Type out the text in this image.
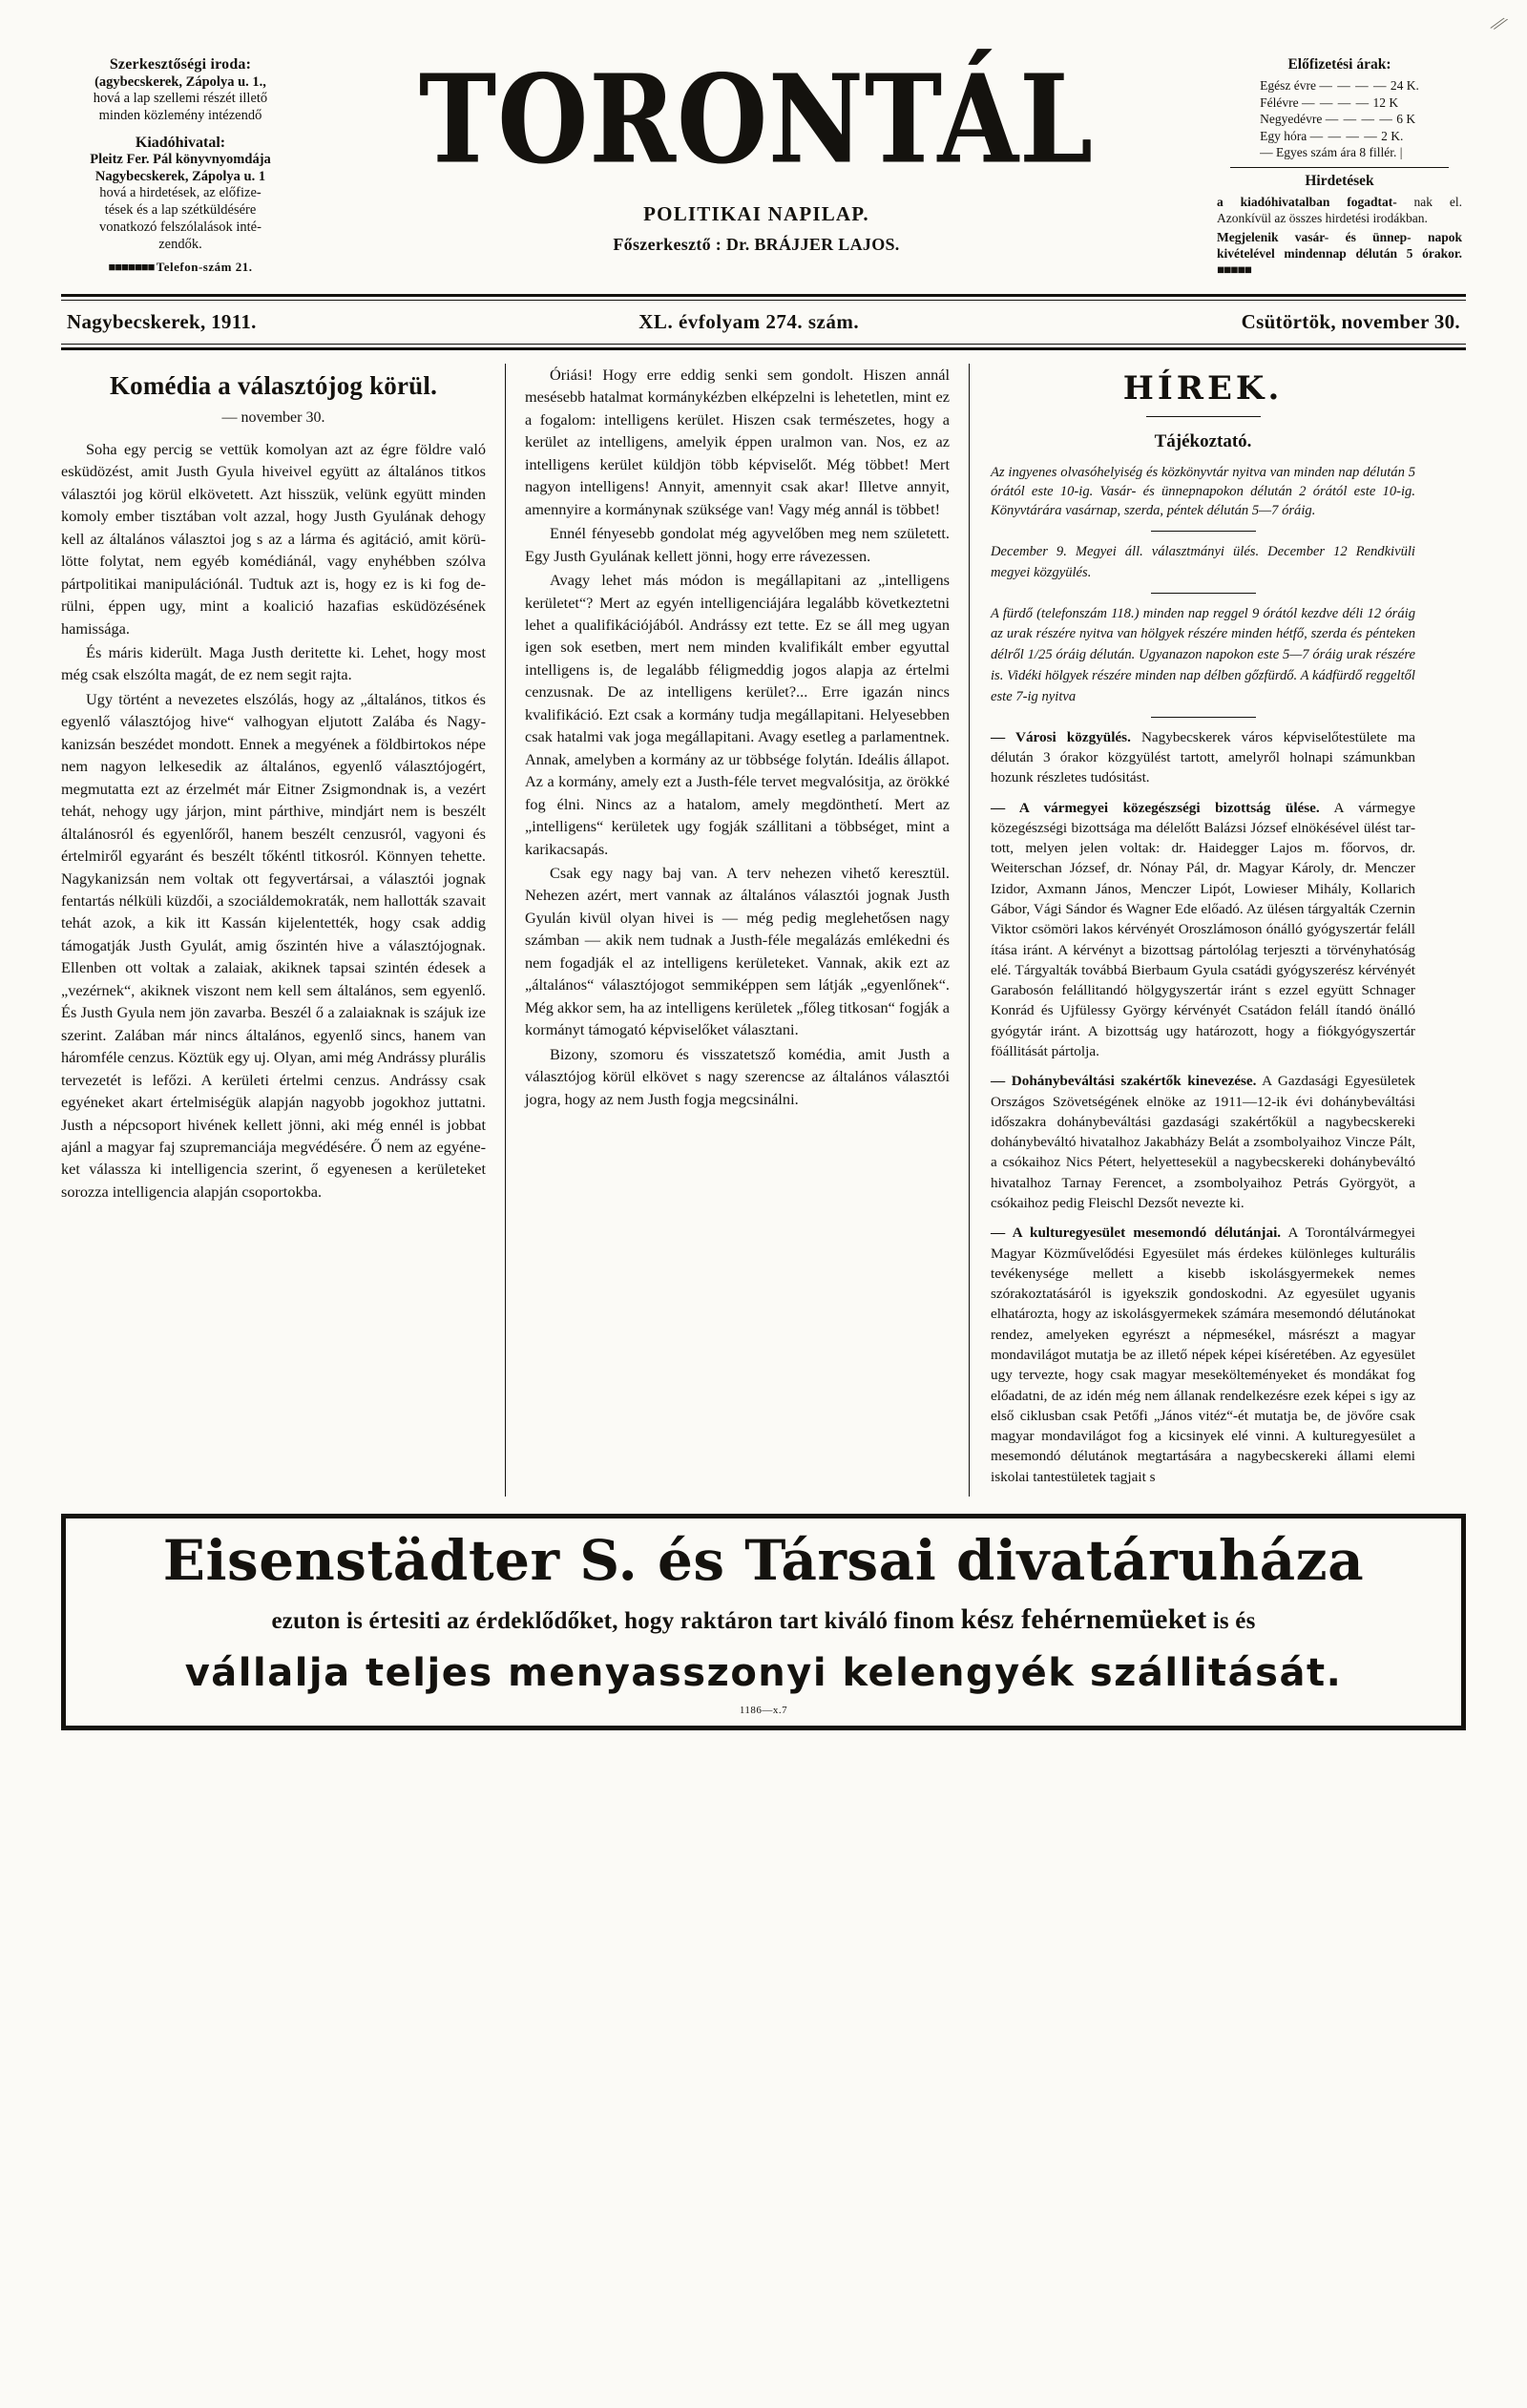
Szerkesztőségi iroda:
(agybecskerek, Zápolya u. 1.,
hová a lap szellemi részét illető
minden közlemény intézendő
Kiadóhivatal:
Pleitz Fer. Pál könyvnyomdája
Nagybecskerek, Zápolya u. 1
hová a hirdetések, az előfize-
tések és a lap szétküldésére
vonatkozó felszólalások inté-
zendők.
■■■■■■■ Telefon-szám 21.
TORONTÁL
POLITIKAI NAPILAP.
Főszerkesztő : Dr. BRÁJJER LAJOS.
Előfizetési árak:
Egész évre — — — — 24 K.
Félévre — — — — 12 K
Negyedévre — — — — 6 K
Egy hóra — — — — 2 K.
— Egyes szám ára 8 fillér. |
Hirdetések
a kiadóhivatalban fogadtat- nak el. Azonkívül az összes hirdetési irodákban.
Megjelenik vasár- és ünnep- napok kivételével mindennap délután 5 órakor. ■■■■■
Nagybecskerek, 1911.	XL. évfolyam 274. szám.	Csütörtök, november 30.
Komédia a választójog körül.
— november 30.

Soha egy percig se vettük komolyan azt az égre földre való esküdözést, amit Justh Gyula hiveivel együtt az általános titkos választói jog körül elkövetett. Azt hisszük, velünk együtt minden komoly ember tisztában volt azzal, hogy Justh Gyulának dehogy kell az általános választoi jog s az a lárma és agitáció, amit körülötte folytat, nem egyéb komédiánál, vagy enyhébben szólva pártpolitikai manipulációnál. Tudtuk azt is, hogy ez is ki fog derülni, éppen ugy, mint a koalició hazafias esküdözésének hamissága.

És máris kiderült. Maga Justh deritette ki. Lehet, hogy most még csak elszólta magát, de ez nem segit rajta.

Ugy történt a nevezetes elszólás, hogy az „általános, titkos és egyenlő választójog hive“ valhogyan eljutott Zalába és Nagykanizsán beszédet mondott. Ennek a megyének a földbirtokos népe nem nagyon lelkesedik az általános, egyenlő választójogért, megmutatta ezt az érzelmét már Eitner Zsigmondnak is, a vezért tehát, nehogy ugy járjon, mint párthive, mindjárt nem is beszélt általánosról és egyenlőről, hanem beszélt cenzusról, vagyoni és értelmiről egyaránt és beszélt tőkéntl titkosról. Könnyen tehette. Nagykanizsán nem voltak ott fegyvertársai, a választói jognak fentartás nélküli küzdői, a szociáldemokraták, nem hallották szavait tehát azok, a kik itt Kassán kijelentették, hogy csak addig támogatják Justh Gyulát, amig őszintén hive a választójognak. Ellenben ott voltak a zalaiak, akiknek tapsai szintén édesek a „vezérnek“, akiknek viszont nem kell sem általános, sem egyenlő. És Justh Gyula nem jön zavarba. Beszél ő a zalaiaknak is szájuk ize szerint. Zalában már nincs általános, egyenlő sincs, hanem van háromféle cenzus. Köztük egy uj. Olyan, ami még Andrássy plurális tervezetét is lefőzi. A kerületi értelmi cenzus. Andrássy csak egyéneket akart értelmiségük alapján nagyobb jogokhoz juttatni. Justh a népcsoport hivének kellett jönni, aki még ennél is jobbat ajánl a magyar faj szupremanciája megvédésére. Ő nem az egyéneket válassza ki intelligencia szerint, ő egyenesen a kerületeket sorozza intelligencia alapján csoportokba.

Óriási! Hogy erre eddig senki sem gondolt. Hiszen annál mesésebb hatalmat kormánykézben elképzelni is lehetetlen, mint ez a fogalom: intelligens kerület. Hiszen csak természetes, hogy a kerület az intelligens, amelyik éppen uralmon van. Nos, ez az intelligens kerület küldjön több képviselőt. Még többet! Mert nagyon intelligens! Annyit, amennyit csak akar! Illetve annyit, amennyire a kormánynak szüksége van! Vagy még annál is többet!

Ennél fényesebb gondolat még agyvelőben meg nem született. Egy Justh Gyulának kellett jönni, hogy erre rávezessen.

Avagy lehet más módon is megállapitani az „intelligens kerületet“? Mert az egyén intelligenciájára legalább következtetni lehet a qualifikációjából. Andrássy ezt tette. Ez se áll meg ugyan igen sok esetben, mert nem minden kvalifikált ember egyuttal intelligens is, de legalább féligmeddig jogos alapja az értelmi cenzusnak. De az intelligens kerület?... Erre igazán nincs kvalifikáció. Ezt csak a kormány tudja megállapitani. Helyesebben csak hatalmi vak joga megállapitani. Avagy esetleg a parlamentnek. Annak, amelyben a kormány az ur többsége folytán. Ideális állapot. Az a kormány, amely ezt a Justh-féle tervet megvalósitja, az örökké fog élni. Nincs az a hatalom, amely megdönthetí. Mert az „intelligens“ kerületek ugy fogják szállitani a többséget, mint a karikacsapás.

Csak egy nagy baj van. A terv nehezen vihető keresztül. Nehezen azért, mert vannak az általános választói jognak Justh Gyulán kivül olyan hivei is — még pedig meglehetősen nagy számban — akik nem tudnak a Justh-féle megalázás emlékedni és nem fogadják el az intelligens kerületeket. Vannak, akik ezt az „általános“ választójogot semmiképpen sem látják „egyenlőnek“. Még akkor sem, ha az intelligens kerületek „főleg titkosan“ fogják a kormányt támogató képviselőket választani.

Bizony, szomoru és visszatetsző komédia, amit Justh a választójog körül elkövet s nagy szerencse az általános választói jogra, hogy az nem Justh fogja megcsinálni.

HÍREK.
Tájékoztató.
Az ingyenes olvasóhelyiség és közkönyvtár nyitva van minden nap délután 5 órától este 10-ig. Vasár- és ünnepnapokon délután 2 órától este 10-ig. Könyvtárára vasárnap, szerda, péntek délután 5—7 óráig.
December 9. Megyei áll. választmányi ülés. December 12 Rendkivüli megyei közgyülés.
A fürdő (telefonszám 118.) minden nap reggel 9 órától kezdve déli 12 óráig az urak részére nyitva van hölgyek részére minden hétfő, szerda és pénteken délről 1/25 óráig délután. Ugyanazon napokon este 5—7 óráig urak részére is. Vidéki hölgyek részére minden nap délben gőzfürdő. A kádfürdő reggeltől este 7-ig nyitva
— Városi közgyülés. Nagybecskerek város képviselőtestülete ma délután 3 órakor közgyülést tartott, amelyről holnapi számunkban hozunk részletes tudósitást.
— A vármegyei közegészségi bizottság ülése. A vármegye közegészségi bizottsága ma délelőtt Balázsi József elnökésével ülést tartott, melyen jelen voltak: dr. Haidegger Lajos m. főorvos, dr. Weiterschan József, dr. Nónay Pál, dr. Magyar Károly, dr. Menczer Izidor, Axmann János, Menczer Lipót, Lowieser Mihály, Kollarich Gábor, Vági Sándor és Wagner Ede előadó. Az ülésen tárgyalták Czernin Viktor csömöri lakos kérvényét Oroszlámoson ónálló gyógyszertár feláll ítása iránt. A kérvényt a bizottsag pártolólag terjeszti a törvényhatóság elé. Tárgyalták továbbá Bierbaum Gyula csatádi gyógyszerész kérvényét Garabosón felállitandó hölgygyszertár iránt s ezzel együtt Schnager Konrád és Ujfülessy György kérvényét Csatádon feláll ítandó önálló gyógytár iránt. A bizottság ugy határozott, hogy a fiókgyógyszertár föállitását pártolja.
— Dohánybeváltási szakértők kinevezése. A Gazdasági Egyesületek Országos Szövetségének elnöke az 1911—12-ik évi dohánybeváltási időszakra dohánybeváltási gazdasági szakértőkül a nagybecskereki dohánybeváltó hivatalhoz Jakabházy Belát a zsombolyaihoz Vincze Pált, a csókaihoz Nics Pétert, helyettesekül a nagybecskereki dohánybeváltó hivatalhoz Tarnay Ferencet, a zsombolyaihoz Petrás Györgyöt, a csókaihoz pedig Fleischl Dezsőt nevezte ki.
— A kulturegyesület mesemondó délutánjai. A Torontálvármegyei Magyar Közművelődési Egyesület más érdekes különleges kulturális tevékenysége mellett a kisebb iskolásgyermekek nemes szórakoztatásáról is igyekszik gondoskodni. Az egyesület ugyanis elhatározta, hogy az iskolásgyermekek számára mesemondó délutánokat rendez, amelyeken egyrészt a népmesékel, másrészt a magyar mondavilágot mutatja be az illető népek képei kíséretében. Az egyesület ugy tervezte, hogy csak magyar mesekölteményeket és mondákat fog előadatni, de az idén még nem állanak rendelkezésre ezek képei s igy az első ciklusban csak Petőfi „János vitéz“-ét mutatja be, de jövőre csak magyar mondavilágot fog a kicsinyek elé vinni. A kulturegyesület a mesemondó délutánok megtartására a nagybecskereki állami elemi iskolai tantestületek tagjait s
Eisenstädter S. és Társai divatáruháza
ezuton is értesiti az érdeklődőket, hogy raktáron tart kiváló finom kész fehérnemüeket is és
vállalja teljes menyasszonyi kelengyék szállitását.
1186—x.7
⁄⁄
